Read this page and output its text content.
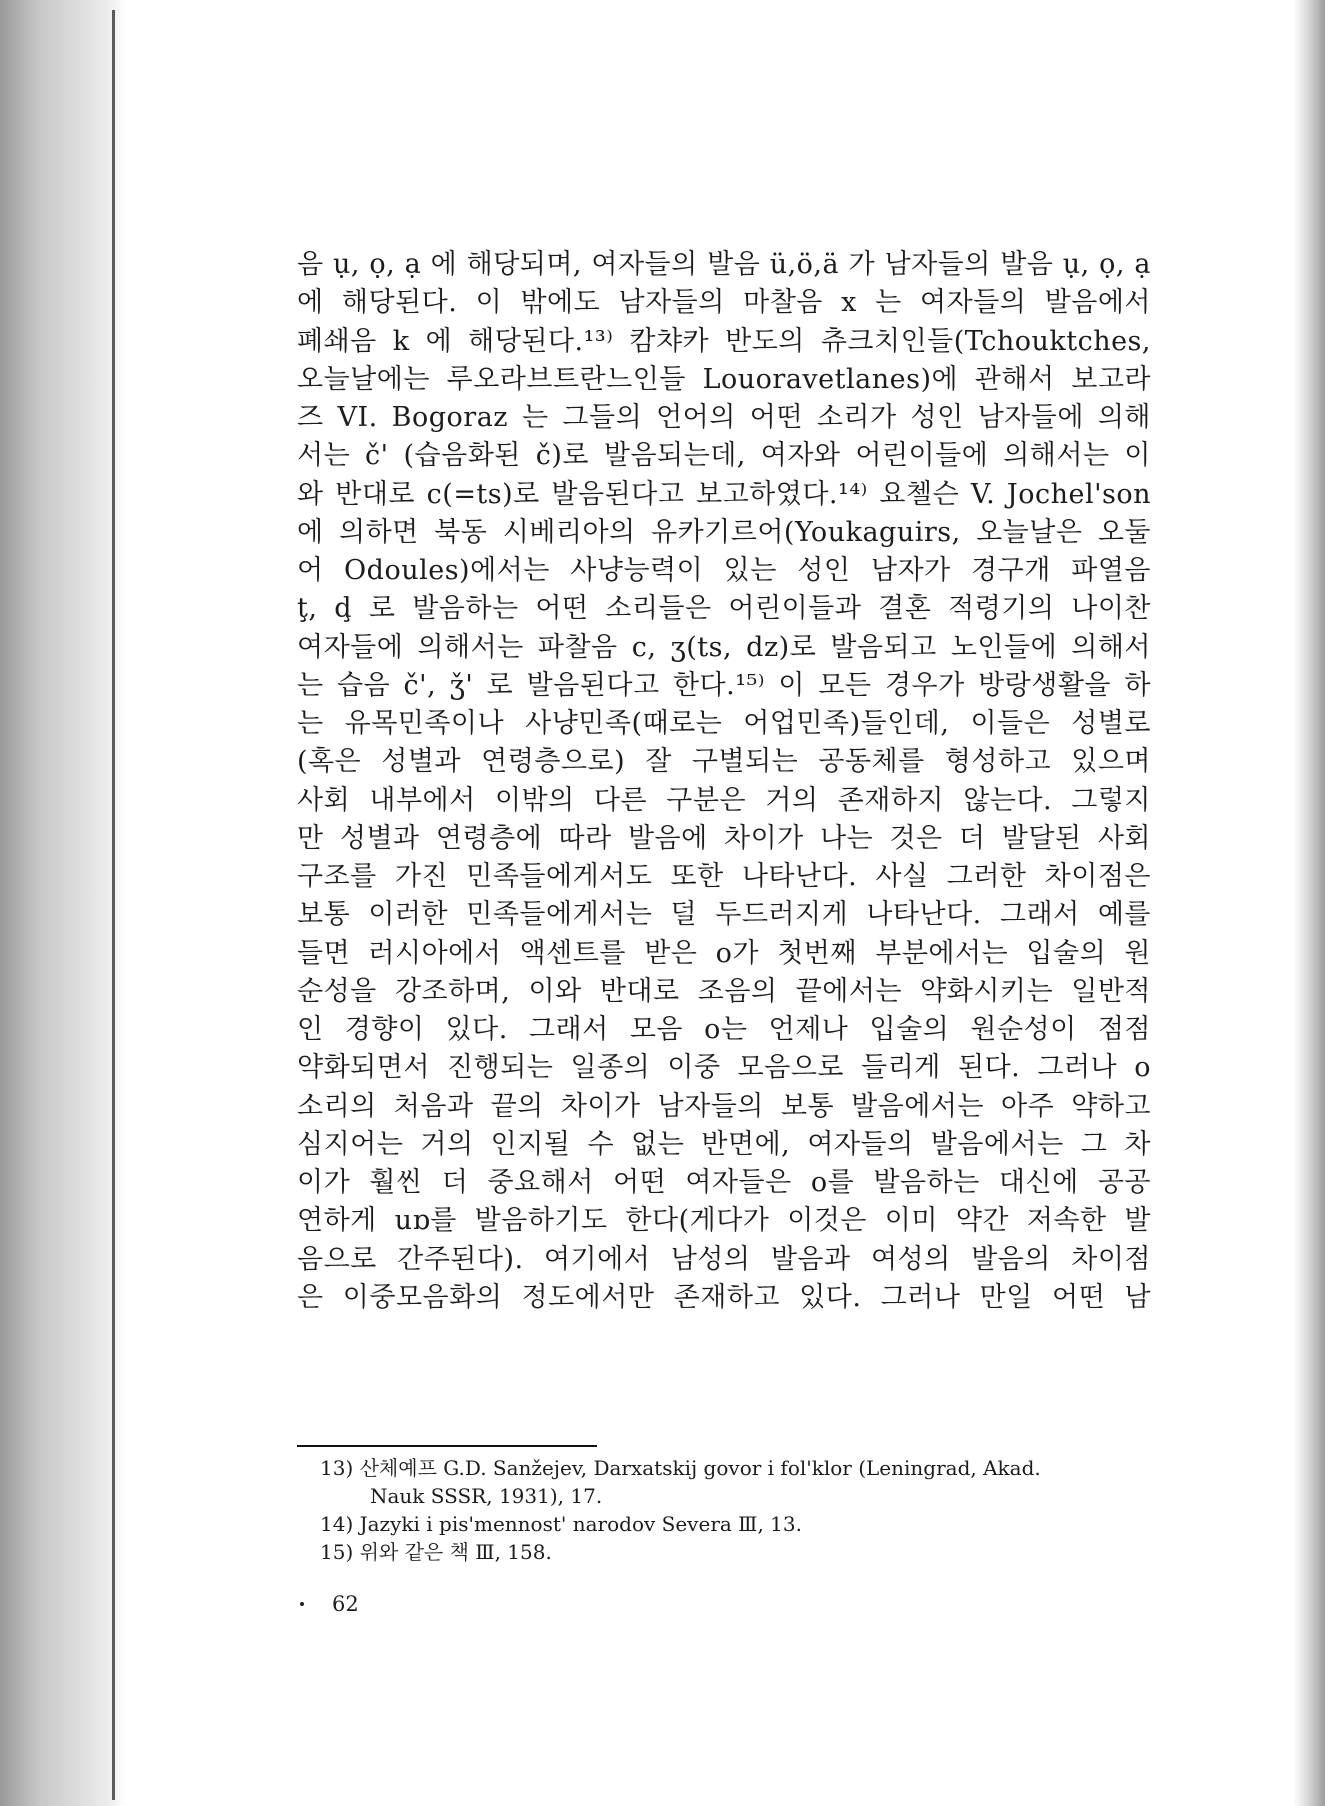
음 ụ, ọ, ạ 에 해당되며, 여자들의 발음 ü,ö,ä 가 남자들의 발음 ụ, ọ, ạ
에 해당된다. 이 밖에도 남자들의 마찰음 x 는 여자들의 발음에서
폐쇄음 k 에 해당된다.¹³⁾ 캄챠카 반도의 츄크치인들(Tchouktches,
오늘날에는 루오라브트란느인들 Louoravetlanes)에 관해서 보고라
즈 VI. Bogoraz 는 그들의 언어의 어떤 소리가 성인 남자들에 의해
서는 č' (습음화된 č)로 발음되는데, 여자와 어린이들에 의해서는 이
와 반대로 c(=ts)로 발음된다고 보고하였다.¹⁴⁾ 요첼슨 V. Jochel'son
에 의하면 북동 시베리아의 유카기르어(Youkaguirs, 오늘날은 오둘
어 Odoules)에서는 사냥능력이 있는 성인 남자가 경구개 파열음
ţ, ḑ 로 발음하는 어떤 소리들은 어린이들과 결혼 적령기의 나이찬
여자들에 의해서는 파찰음 c, ʒ(ts, dz)로 발음되고 노인들에 의해서
는 습음 č', ǯ' 로 발음된다고 한다.¹⁵⁾ 이 모든 경우가 방랑생활을 하
는 유목민족이나 사냥민족(때로는 어업민족)들인데, 이들은 성별로
(혹은 성별과 연령층으로) 잘 구별되는 공동체를 형성하고 있으며
사회 내부에서 이밖의 다른 구분은 거의 존재하지 않는다. 그렇지
만 성별과 연령층에 따라 발음에 차이가 나는 것은 더 발달된 사회
구조를 가진 민족들에게서도 또한 나타난다. 사실 그러한 차이점은
보통 이러한 민족들에게서는 덜 두드러지게 나타난다. 그래서 예를
들면 러시아에서 액센트를 받은 o가 첫번째 부분에서는 입술의 원
순성을 강조하며, 이와 반대로 조음의 끝에서는 약화시키는 일반적
인 경향이 있다. 그래서 모음 o는 언제나 입술의 원순성이 점점
약화되면서 진행되는 일종의 이중 모음으로 들리게 된다. 그러나 o
소리의 처음과 끝의 차이가 남자들의 보통 발음에서는 아주 약하고
심지어는 거의 인지될 수 없는 반면에, 여자들의 발음에서는 그 차
이가 훨씬 더 중요해서 어떤 여자들은 o를 발음하는 대신에 공공
연하게 uɒ를 발음하기도 한다(게다가 이것은 이미 약간 저속한 발
음으로 간주된다). 여기에서 남성의 발음과 여성의 발음의 차이점
은 이중모음화의 정도에서만 존재하고 있다. 그러나 만일 어떤 남

13) 산체예프 G.D. Sanžejev, Darxatskij govor i fol'klor (Leningrad, Akad.

Nauk SSSR, 1931), 17.

14) Jazyki i pis'mennost' narodov Severa Ⅲ, 13.

15) 위와 같은 책 Ⅲ, 158.

62
